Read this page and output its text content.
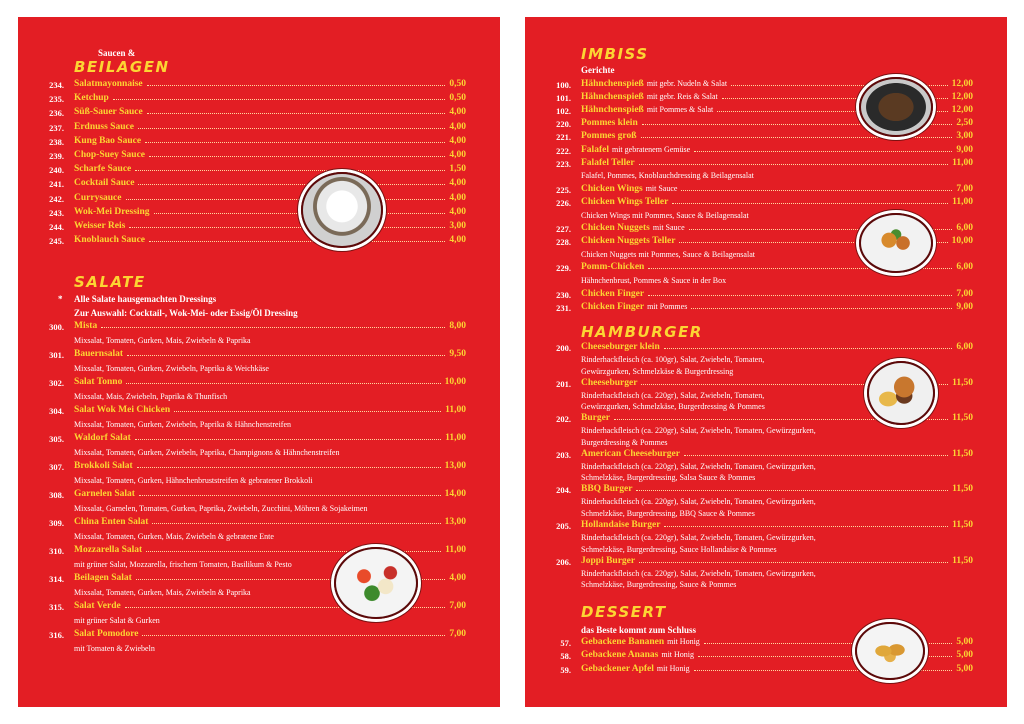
Saucen &
BEILAGEN
234. Salatmayonnaise	0,50
235. Ketchup	0,50
236. Süß-Sauer Sauce	4,00
237. Erdnuss Sauce	4,00
238. Kung Bao Sauce	4,00
239. Chop-Suey Sauce	4,00
240. Scharfe Sauce	1,50
241. Cocktail Sauce	4,00
242. Currysauce	4,00
243. Wok-Mei Dressing	4,00
244. Weisser Reis	3,00
245. Knoblauch Sauce	4,00
SALATE
* Alle Salate hausgemachten Dressings
Zur Auswahl: Cocktail-, Wok-Mei- oder Essig/Öl Dressing
300. Mista	8,00
Mixsalat, Tomaten, Gurken, Mais, Zwiebeln & Paprika
301. Bauernsalat	9,50
Mixsalat, Tomaten, Gurken, Zwiebeln, Paprika & Weichkäse
302. Salat Tonno	10,00
Mixsalat, Mais, Zwiebeln, Paprika & Thunfisch
304. Salat Wok Mei Chicken	11,00
Mixsalat, Tomaten, Gurken, Zwiebeln, Paprika & Hähnchenstreifen
305. Waldorf Salat	11,00
Mixsalat, Tomaten, Gurken, Zwiebeln, Paprika, Champignons & Hähnchenstreifen
307. Brokkoli Salat	13,00
Mixsalat, Tomaten, Gurken, Hähnchenbruststreifen & gebratener Brokkoli
308. Garnelen Salat	14,00
Mixsalat, Garnelen, Tomaten, Gurken, Paprika, Zwiebeln, Zucchini, Möhren & Sojakeimen
309. China Enten Salat	13,00
Mixsalat, Tomaten, Gurken, Mais, Zwiebeln & gebratene Ente
310. Mozzarella Salat	11,00
mit grüner Salat, Mozzarella, frischem Tomaten, Basilikum & Pesto
314. Beilagen Salat	4,00
Mixsalat, Tomaten, Gurken, Mais, Zwiebeln & Paprika
315. Salat Verde	7,00
mit grüner Salat & Gurken
316. Salat Pomodore	7,00
mit Tomaten & Zwiebeln
IMBISS
Gerichte
100. Hähnchenspieß mit gebr. Nudeln & Salat	12,00
101. Hähnchenspieß mit gebr. Reis & Salat	12,00
102. Hähnchenspieß mit Pommes & Salat	12,00
220. Pommes klein	2,50
221. Pommes groß	3,00
222. Falafel mit gebratenem Gemüse	9,00
223. Falafel Teller	11,00
Falafel, Pommes, Knoblauchdressing & Beilagensalat
225. Chicken Wings mit Sauce	7,00
226. Chicken Wings Teller	11,00
Chicken Wings mit Pommes, Sauce & Beilagensalat
227. Chicken Nuggets mit Sauce	6,00
228. Chicken Nuggets Teller	10,00
Chicken Nuggets mit Pommes, Sauce & Beilagensalat
229. Pomm-Chicken	6,00
Hähnchenbrust, Pommes & Sauce in der Box
230. Chicken Finger	7,00
231. Chicken Finger mit Pommes	9,00
HAMBURGER
200. Cheeseburger klein	6,00
Rinderhackfleisch (ca. 100gr), Salat, Zwiebeln, Tomaten,
Gewürzgurken, Schmelzkäse & Burgerdressing
201. Cheeseburger	11,50
Rinderhackfleisch (ca. 220gr), Salat, Zwiebeln, Tomaten,
Gewürzgurken, Schmelzkäse, Burgerdressing & Pommes
202. Burger	11,50
Rinderhackfleisch (ca. 220gr), Salat, Zwiebeln, Tomaten, Gewürzgurken,
Burgerdressing & Pommes
203. American Cheeseburger	11,50
Rinderhackfleisch (ca. 220gr), Salat, Zwiebeln, Tomaten, Gewürzgurken,
Schmelzkäse, Burgerdressing, Salsa Sauce & Pommes
204. BBQ Burger	11,50
Rinderhackfleisch (ca. 220gr), Salat, Zwiebeln, Tomaten, Gewürzgurken,
Schmelzkäse, Burgerdressing, BBQ Sauce & Pommes
205. Hollandaise Burger	11,50
Rinderhackfleisch (ca. 220gr), Salat, Zwiebeln, Tomaten, Gewürzgurken,
Schmelzkäse, Burgerdressing, Sauce Hollandaise & Pommes
206. Joppi Burger	11,50
Rinderhackfleisch (ca. 220gr), Salat, Zwiebeln, Tomaten, Gewürzgurken,
Schmelzkäse, Burgerdressing, Sauce & Pommes
DESSERT
das Beste kommt zum Schluss
57. Gebackene Bananen mit Honig	5,00
58. Gebackene Ananas mit Honig	5,00
59. Gebackener Apfel mit Honig	5,00
